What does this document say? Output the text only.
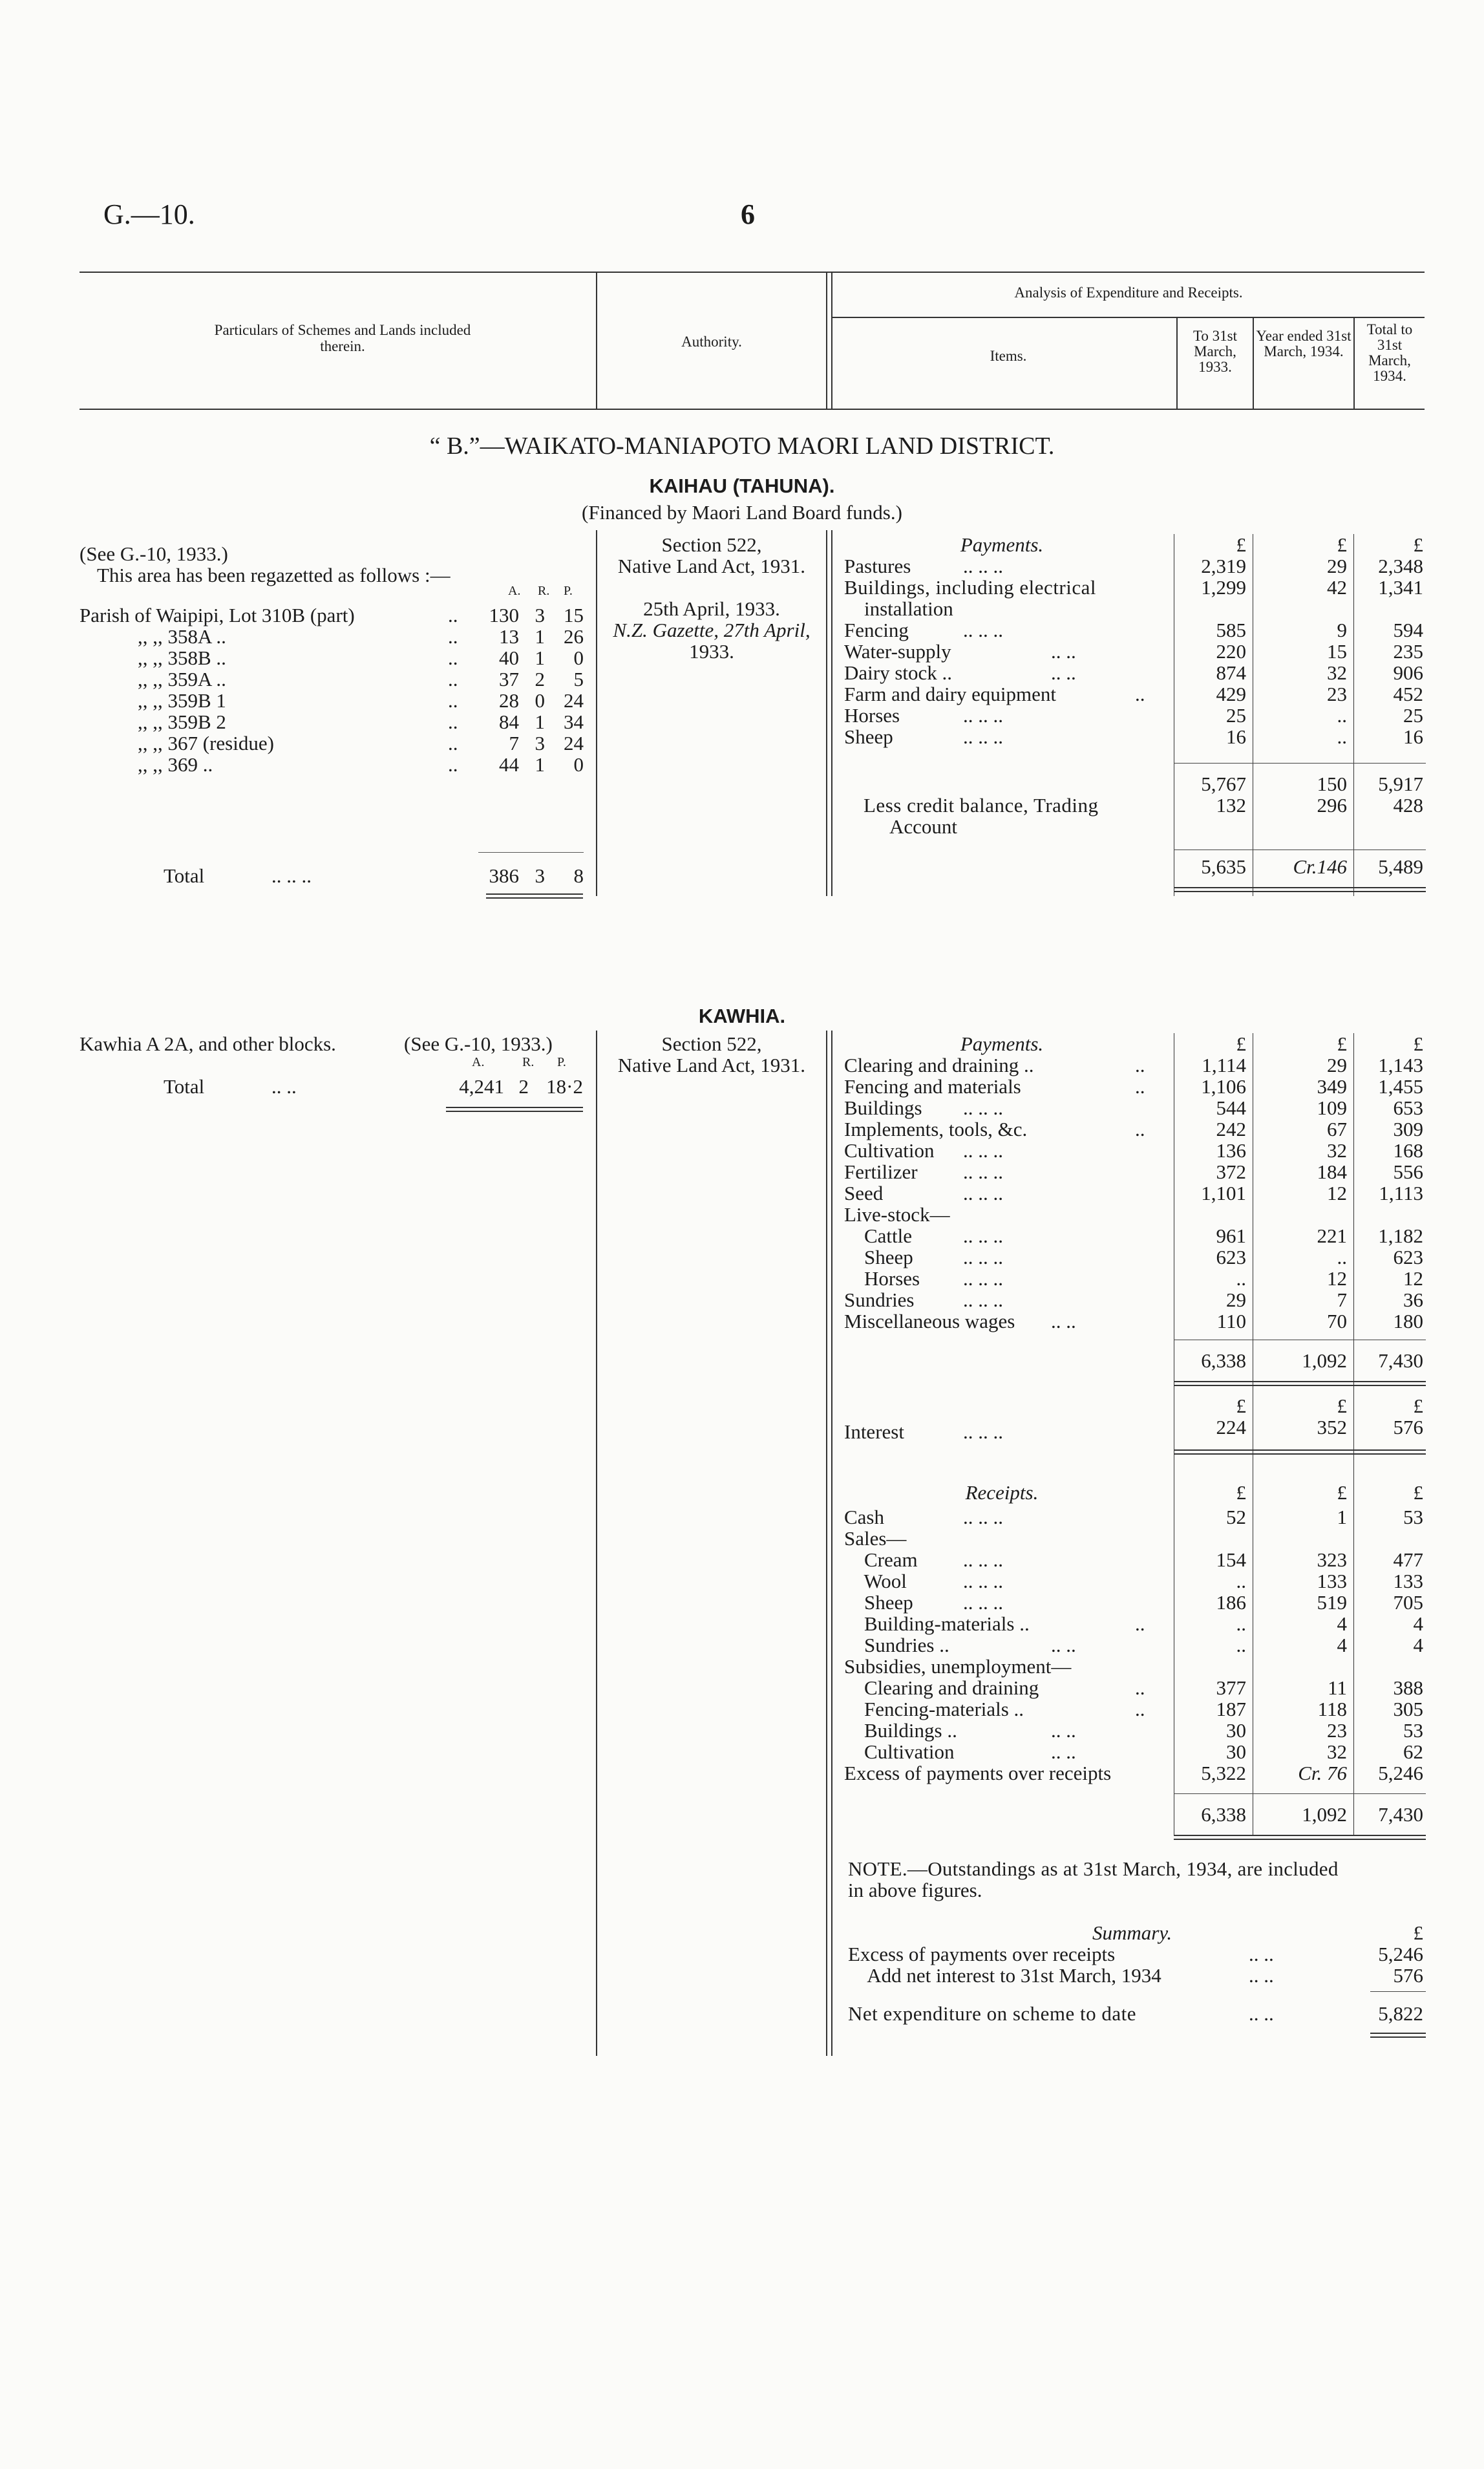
G.—10.	6
Particulars of Schemes and Lands included therein.	Authority.
Analysis of Expenditure and Receipts.
Items.
To 31st March, 1933.
Year ended 31st March, 1934.
Total to 31st March, 1934.
“ B.”—WAIKATO-MANIAPOTO MAORI LAND DISTRICT.
KAIHAU (TAHUNA).
(Financed by Maori Land Board funds.)
(See G.-10, 1933.)
This area has been regazetted as follows :—
A. R. P.
Parish of Waipipi, Lot 310B (part)	..	130 3 15
,, ,, 358A ..	..	13 1 26
,, ,, 358B ..	..	40 1	0
,, ,, 359A ..	..	37 2	5
,, ,, 359B 1	..	28 0 24
,, ,, 359B 2	..	84 1 34
,, ,, 367 (residue)	..	7 3 24
,, ,, 369 ..	..	44 1	0
Total	.. .. ..	386 3	8
Section 522,
Native Land Act, 1931.
25th April, 1933.
N.Z. Gazette, 27th April,
1933.
Payments.	£	£	£
Pastures	.. .. ..	2,319	29	2,348
Buildings, including electrical	1,299	42	1,341
installation
Fencing	.. .. ..	585	9	594
Water-supply	.. ..	220	15	235
Dairy stock ..	.. ..	874	32	906
Farm and dairy equipment	..	429	23	452
Horses	.. .. ..	25	..	25
Sheep	.. .. ..	16	..	16
5,767	150	5,917
Less credit balance, Trading
Account
132	296	428
5,635	Cr.146	5,489
KAWHIA.
Kawhia A 2A, and other blocks.	(See G.-10, 1933.)
A.	R. P.
Total	.. ..	4,241 2 18·2
Section 522,
Native Land Act, 1931.
Payments.	£	£	£
Clearing and draining ..	..	1,114	29	1,143
Fencing and materials	..	1,106	349	1,455
Buildings .. .. ..	544	109	653
Implements, tools, &c.	..	242	67	309
Cultivation .. .. ..	136	32	168
Fertilizer .. .. ..	372	184	556
Seed	.. .. ..	1,101	12	1,113
Live-stock—
Cattle	.. .. ..	961	221	1,182
Sheep .. .. ..	623	..	623
Horses .. .. ..	..	12	12
Sundries .. .. ..	29	7	36
Miscellaneous wages .. ..	110	70	180
6,338	1,092	7,430
£	£	£
Interest	.. .. ..	224	352	576
Receipts.	£	£	£
Cash	.. .. ..	52	1	53
Sales—
Cream .. .. ..	154	323	477
Wool	.. .. ..	..	133	133
Sheep .. .. ..	186	519	705
Building-materials ..	..	..	4	4
Sundries ..	.. ..	..	4	4
Subsidies, unemployment—
Clearing and draining	..	377	11	388
Fencing-materials ..	..	187	118	305
Buildings ..	.. ..	30	23	53
Cultivation	.. ..	30	32	62
Excess of payments over receipts	5,322	Cr. 76	5,246
6,338	1,092	7,430
NOTE.—Outstandings as at 31st March, 1934, are included
in above figures.
Summary.	£
Excess of payments over receipts	.. ..	5,246
Add net interest to 31st March, 1934	.. ..	576
Net expenditure on scheme to date	.. ..	5,822
